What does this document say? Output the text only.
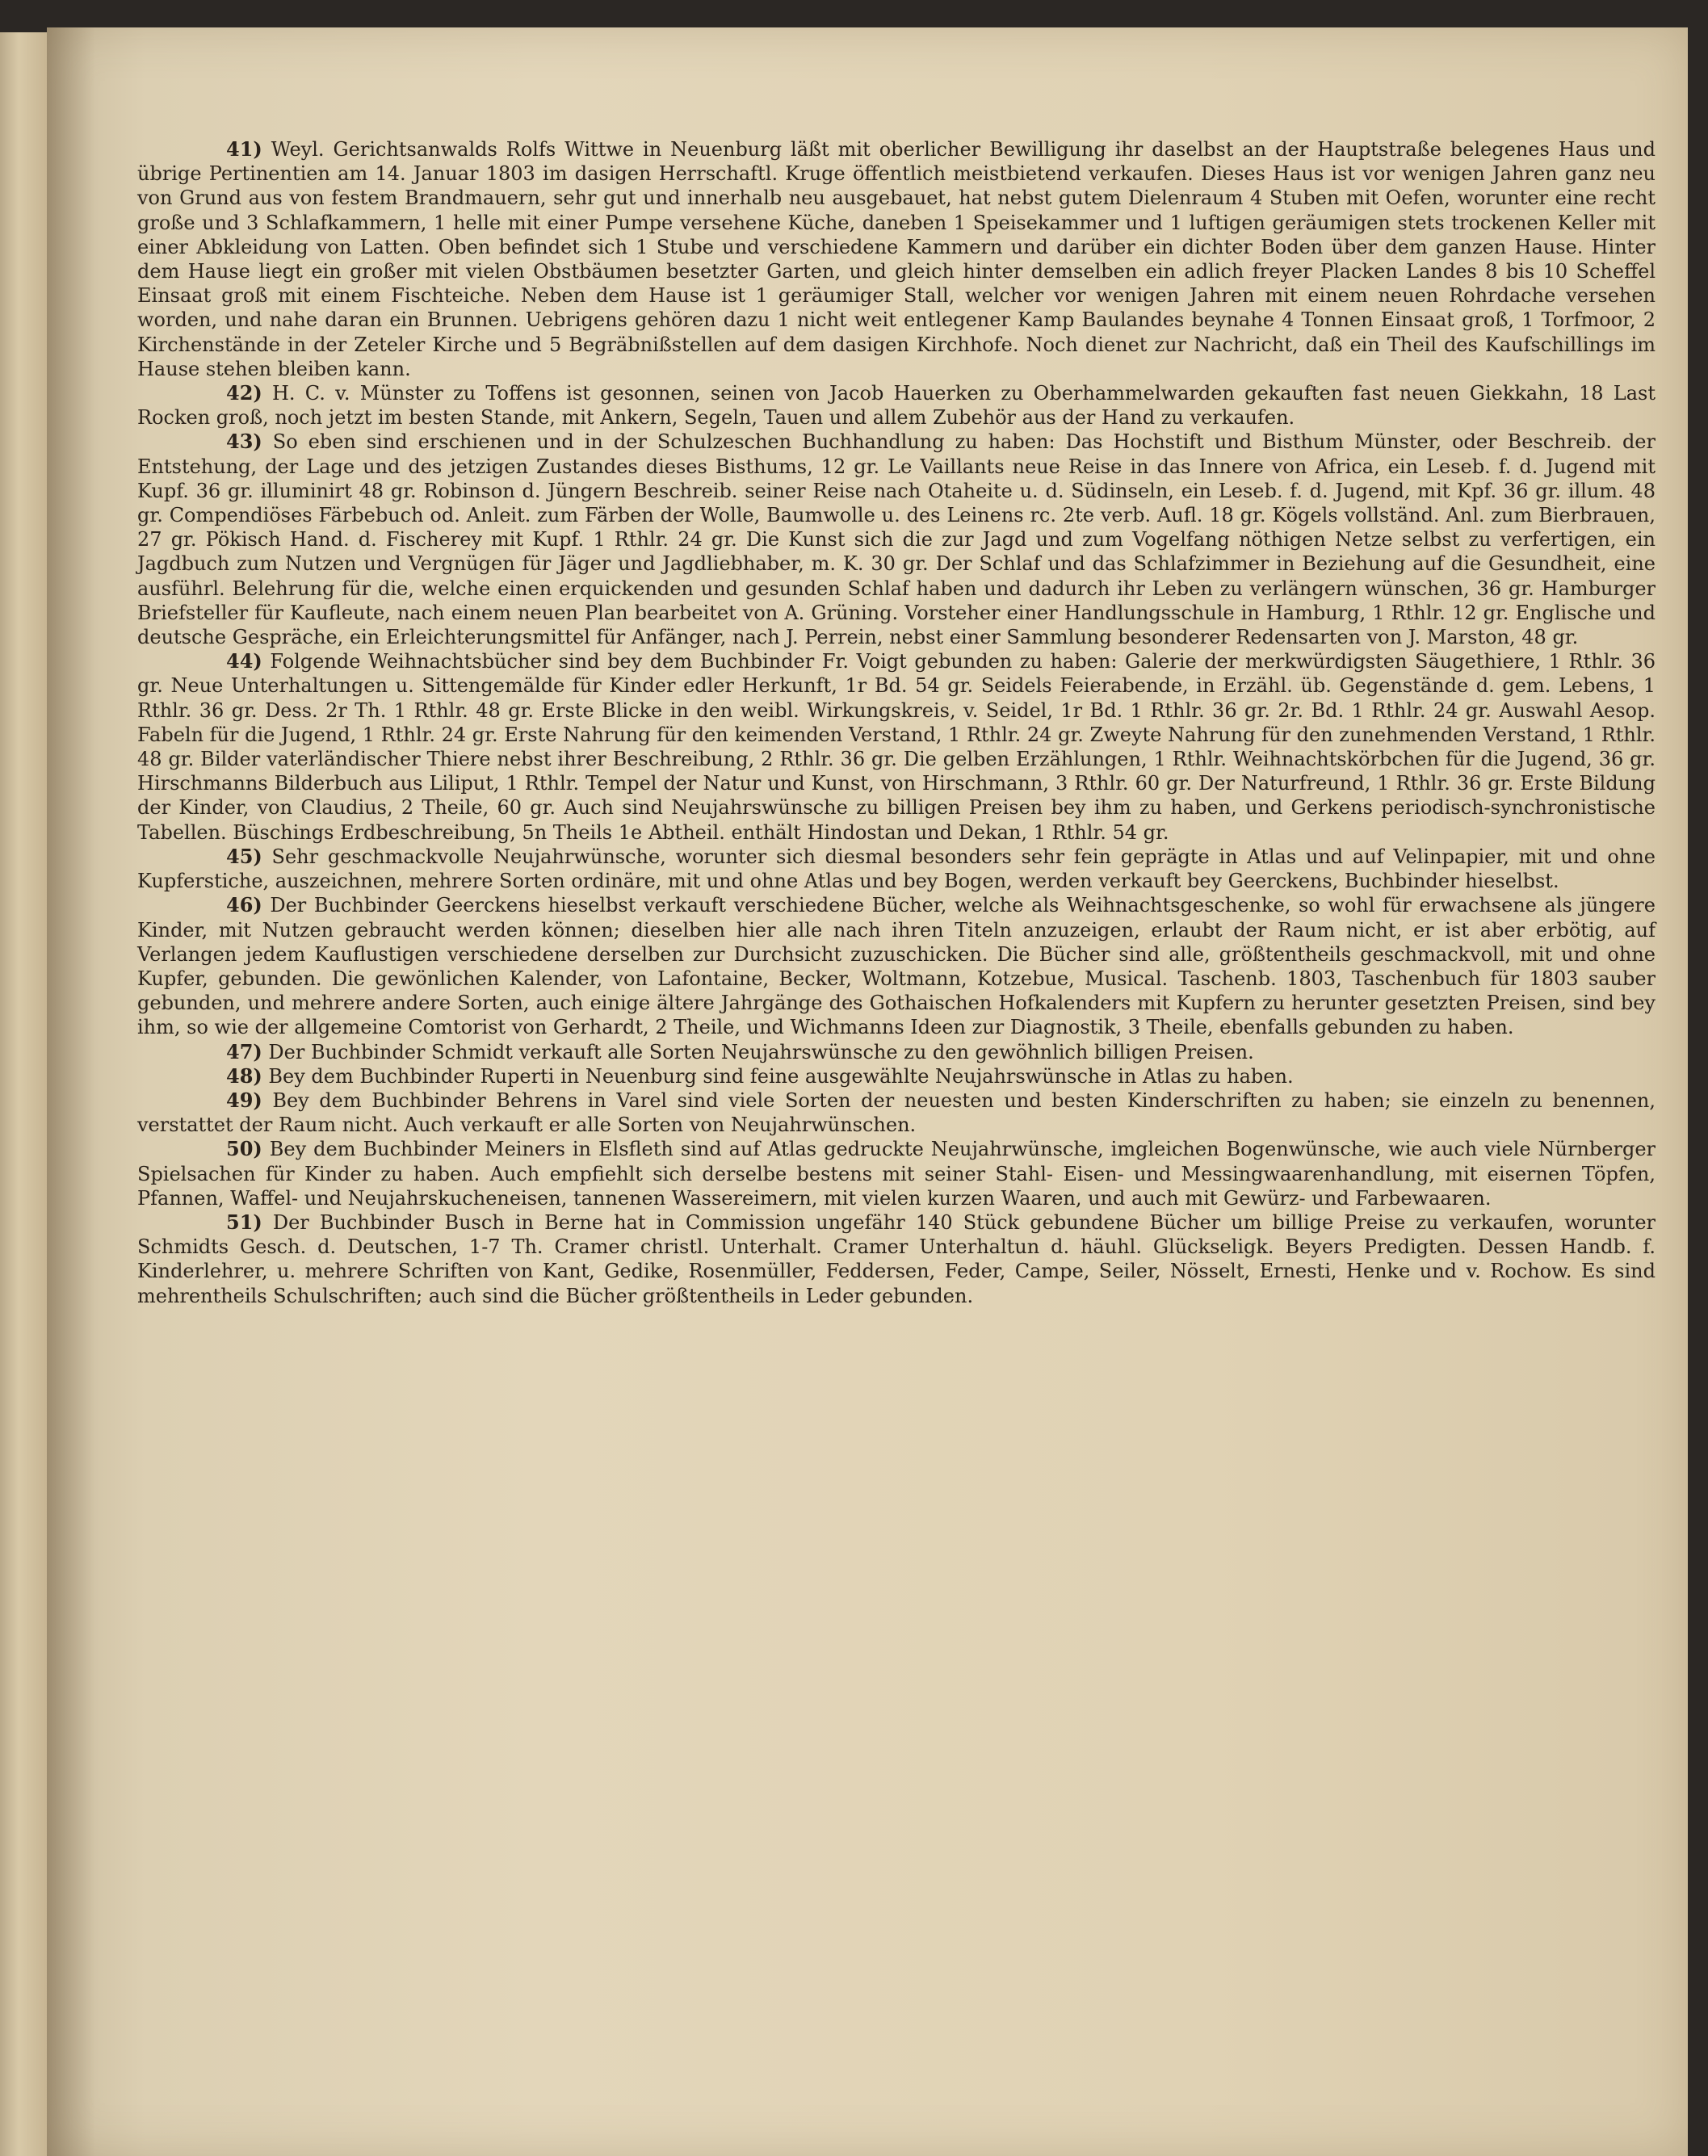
41) Weyl. Gerichtsanwalds Rolfs Wittwe in Neuenburg läßt mit oberlicher Bewilligung ihr daselbst an der Hauptstraße belegenes Haus und übrige Pertinentien am 14. Januar 1803 im dasigen Herrschaftl. Kruge öffentlich meistbietend verkaufen. Dieses Haus ist vor wenigen Jahren ganz neu von Grund aus von festem Brandmauern, sehr gut und innerhalb neu ausgebauet, hat nebst gutem Dielenraum 4 Stuben mit Oefen, worunter eine recht große und 3 Schlafkammern, 1 helle mit einer Pumpe versehene Küche, daneben 1 Speisekammer und 1 luftigen geräumigen stets trockenen Keller mit einer Abkleidung von Latten. Oben befindet sich 1 Stube und verschiedene Kammern und darüber ein dichter Boden über dem ganzen Hause. Hinter dem Hause liegt ein großer mit vielen Obstbäumen besetzter Garten, und gleich hinter demselben ein adlich freyer Placken Landes 8 bis 10 Scheffel Einsaat groß mit einem Fischteiche. Neben dem Hause ist 1 geräumiger Stall, welcher vor wenigen Jahren mit einem neuen Rohrdache versehen worden, und nahe daran ein Brunnen. Uebrigens gehören dazu 1 nicht weit entlegener Kamp Baulandes beynahe 4 Tonnen Einsaat groß, 1 Torfmoor, 2 Kirchenstände in der Zeteler Kirche und 5 Begräbnißstellen auf dem dasigen Kirchhofe. Noch dienet zur Nachricht, daß ein Theil des Kaufschillings im Hause stehen bleiben kann.

42) H. C. v. Münster zu Toffens ist gesonnen, seinen von Jacob Hauerken zu Oberhammelwarden gekauften fast neuen Giekkahn, 18 Last Rocken groß, noch jetzt im besten Stande, mit Ankern, Segeln, Tauen und allem Zubehör aus der Hand zu verkaufen.

43) So eben sind erschienen und in der Schulzeschen Buchhandlung zu haben: Das Hochstift und Bisthum Münster, oder Beschreib. der Entstehung, der Lage und des jetzigen Zustandes dieses Bisthums, 12 gr. Le Vaillants neue Reise in das Innere von Africa, ein Leseb. f. d. Jugend mit Kupf. 36 gr. illuminirt 48 gr. Robinson d. Jüngern Beschreib. seiner Reise nach Otaheite u. d. Südinseln, ein Leseb. f. d. Jugend, mit Kpf. 36 gr. illum. 48 gr. Compendiöses Färbebuch od. Anleit. zum Färben der Wolle, Baumwolle u. des Leinens rc. 2te verb. Aufl. 18 gr. Kögels vollständ. Anl. zum Bierbrauen, 27 gr. Pökisch Hand. d. Fischerey mit Kupf. 1 Rthlr. 24 gr. Die Kunst sich die zur Jagd und zum Vogelfang nöthigen Netze selbst zu verfertigen, ein Jagdbuch zum Nutzen und Vergnügen für Jäger und Jagdliebhaber, m. K. 30 gr. Der Schlaf und das Schlafzimmer in Beziehung auf die Gesundheit, eine ausführl. Belehrung für die, welche einen erquickenden und gesunden Schlaf haben und dadurch ihr Leben zu verlängern wünschen, 36 gr. Hamburger Briefsteller für Kaufleute, nach einem neuen Plan bearbeitet von A. Grüning. Vorsteher einer Handlungsschule in Hamburg, 1 Rthlr. 12 gr. Englische und deutsche Gespräche, ein Erleichterungsmittel für Anfänger, nach J. Perrein, nebst einer Sammlung besonderer Redensarten von J. Marston, 48 gr.

44) Folgende Weihnachtsbücher sind bey dem Buchbinder Fr. Voigt gebunden zu haben: Galerie der merkwürdigsten Säugethiere, 1 Rthlr. 36 gr. Neue Unterhaltungen u. Sittengemälde für Kinder edler Herkunft, 1r Bd. 54 gr. Seidels Feierabende, in Erzähl. üb. Gegenstände d. gem. Lebens, 1 Rthlr. 36 gr. Dess. 2r Th. 1 Rthlr. 48 gr. Erste Blicke in den weibl. Wirkungskreis, v. Seidel, 1r Bd. 1 Rthlr. 36 gr. 2r. Bd. 1 Rthlr. 24 gr. Auswahl Aesop. Fabeln für die Jugend, 1 Rthlr. 24 gr. Erste Nahrung für den keimenden Verstand, 1 Rthlr. 24 gr. Zweyte Nahrung für den zunehmenden Verstand, 1 Rthlr. 48 gr. Bilder vaterländischer Thiere nebst ihrer Beschreibung, 2 Rthlr. 36 gr. Die gelben Erzählungen, 1 Rthlr. Weihnachtskörbchen für die Jugend, 36 gr. Hirschmanns Bilderbuch aus Liliput, 1 Rthlr. Tempel der Natur und Kunst, von Hirschmann, 3 Rthlr. 60 gr. Der Naturfreund, 1 Rthlr. 36 gr. Erste Bildung der Kinder, von Claudius, 2 Theile, 60 gr. Auch sind Neujahrswünsche zu billigen Preisen bey ihm zu haben, und Gerkens periodisch-synchronistische Tabellen. Büschings Erdbeschreibung, 5n Theils 1e Abtheil. enthält Hindostan und Dekan, 1 Rthlr. 54 gr.

45) Sehr geschmackvolle Neujahrwünsche, worunter sich diesmal besonders sehr fein geprägte in Atlas und auf Velinpapier, mit und ohne Kupferstiche, auszeichnen, mehrere Sorten ordinäre, mit und ohne Atlas und bey Bogen, werden verkauft bey Geerckens, Buchbinder hieselbst.

46) Der Buchbinder Geerckens hieselbst verkauft verschiedene Bücher, welche als Weihnachtsgeschenke, so wohl für erwachsene als jüngere Kinder, mit Nutzen gebraucht werden können; dieselben hier alle nach ihren Titeln anzuzeigen, erlaubt der Raum nicht, er ist aber erbötig, auf Verlangen jedem Kauflustigen verschiedene derselben zur Durchsicht zuzuschicken. Die Bücher sind alle, größtentheils geschmackvoll, mit und ohne Kupfer, gebunden. Die gewönlichen Kalender, von Lafontaine, Becker, Woltmann, Kotzebue, Musical. Taschenb. 1803, Taschenbuch für 1803 sauber gebunden, und mehrere andere Sorten, auch einige ältere Jahrgänge des Gothaischen Hofkalenders mit Kupfern zu herunter gesetzten Preisen, sind bey ihm, so wie der allgemeine Comtorist von Gerhardt, 2 Theile, und Wichmanns Ideen zur Diagnostik, 3 Theile, ebenfalls gebunden zu haben.

47) Der Buchbinder Schmidt verkauft alle Sorten Neujahrswünsche zu den gewöhnlich billigen Preisen.

48) Bey dem Buchbinder Ruperti in Neuenburg sind feine ausgewählte Neujahrswünsche in Atlas zu haben.

49) Bey dem Buchbinder Behrens in Varel sind viele Sorten der neuesten und besten Kinderschriften zu haben; sie einzeln zu benennen, verstattet der Raum nicht. Auch verkauft er alle Sorten von Neujahrwünschen.

50) Bey dem Buchbinder Meiners in Elsfleth sind auf Atlas gedruckte Neujahrwünsche, imgleichen Bogenwünsche, wie auch viele Nürnberger Spielsachen für Kinder zu haben. Auch empfiehlt sich derselbe bestens mit seiner Stahl- Eisen- und Messingwaarenhandlung, mit eisernen Töpfen, Pfannen, Waffel- und Neujahrskucheneisen, tannenen Wassereimern, mit vielen kurzen Waaren, und auch mit Gewürz- und Farbewaaren.

51) Der Buchbinder Busch in Berne hat in Commission ungefähr 140 Stück gebundene Bücher um billige Preise zu verkaufen, worunter Schmidts Gesch. d. Deutschen, 1-7 Th. Cramer christl. Unterhalt. Cramer Unterhaltun d. häuhl. Glückseligk. Beyers Predigten. Dessen Handb. f. Kinderlehrer, u. mehrere Schriften von Kant, Gedike, Rosenmüller, Feddersen, Feder, Campe, Seiler, Nösselt, Ernesti, Henke und v. Rochow. Es sind mehrentheils Schulschriften; auch sind die Bücher größtentheils in Leder gebunden.
